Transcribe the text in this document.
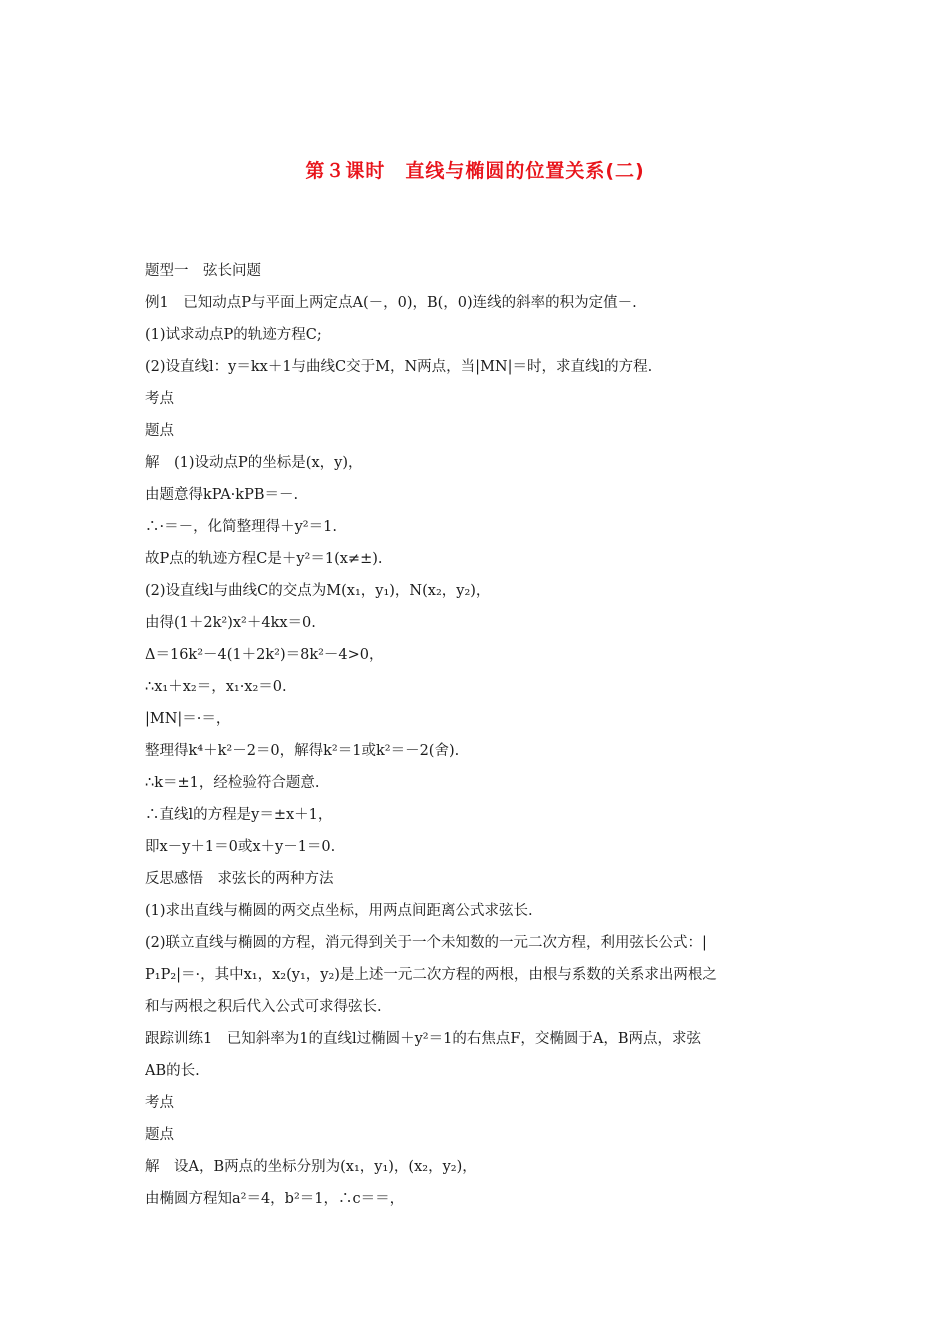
第３课时　直线与椭圆的位置关系(二)
题型一　弦长问题
例1　已知动点P与平面上两定点A(－，0)，B(，0)连线的斜率的积为定值－.
(1)试求动点P的轨迹方程C;
(2)设直线l：y＝kx＋1与曲线C交于M，N两点，当|MN|＝时，求直线l的方程.
考点
题点
解　(1)设动点P的坐标是(x，y)，
由题意得kPA·kPB＝－.
∴·＝－，化简整理得＋y²＝1.
故P点的轨迹方程C是＋y²＝1(x≠±).
(2)设直线l与曲线C的交点为M(x₁，y₁)，N(x₂，y₂)，
由得(1＋2k²)x²＋4kx＝0.
Δ＝16k²－4(1＋2k²)＝8k²－4>0，
∴x₁＋x₂＝，x₁·x₂＝0.
|MN|＝·＝，
整理得k⁴＋k²－2＝0，解得k²＝1或k²＝－2(舍).
∴k＝±1，经检验符合题意.
∴直线l的方程是y＝±x＋1，
即x－y＋1＝0或x＋y－1＝0.
反思感悟　求弦长的两种方法
(1)求出直线与椭圆的两交点坐标，用两点间距离公式求弦长.
(2)联立直线与椭圆的方程，消元得到关于一个未知数的一元二次方程，利用弦长公式：|
P₁P₂|＝·，其中x₁，x₂(y₁，y₂)是上述一元二次方程的两根，由根与系数的关系求出两根之
和与两根之积后代入公式可求得弦长.
跟踪训练1　已知斜率为1的直线l过椭圆＋y²＝1的右焦点F，交椭圆于A，B两点，求弦
AB的长.
考点
题点
解　设A，B两点的坐标分别为(x₁，y₁)，(x₂，y₂)，
由椭圆方程知a²＝4，b²＝1，∴c＝＝，
